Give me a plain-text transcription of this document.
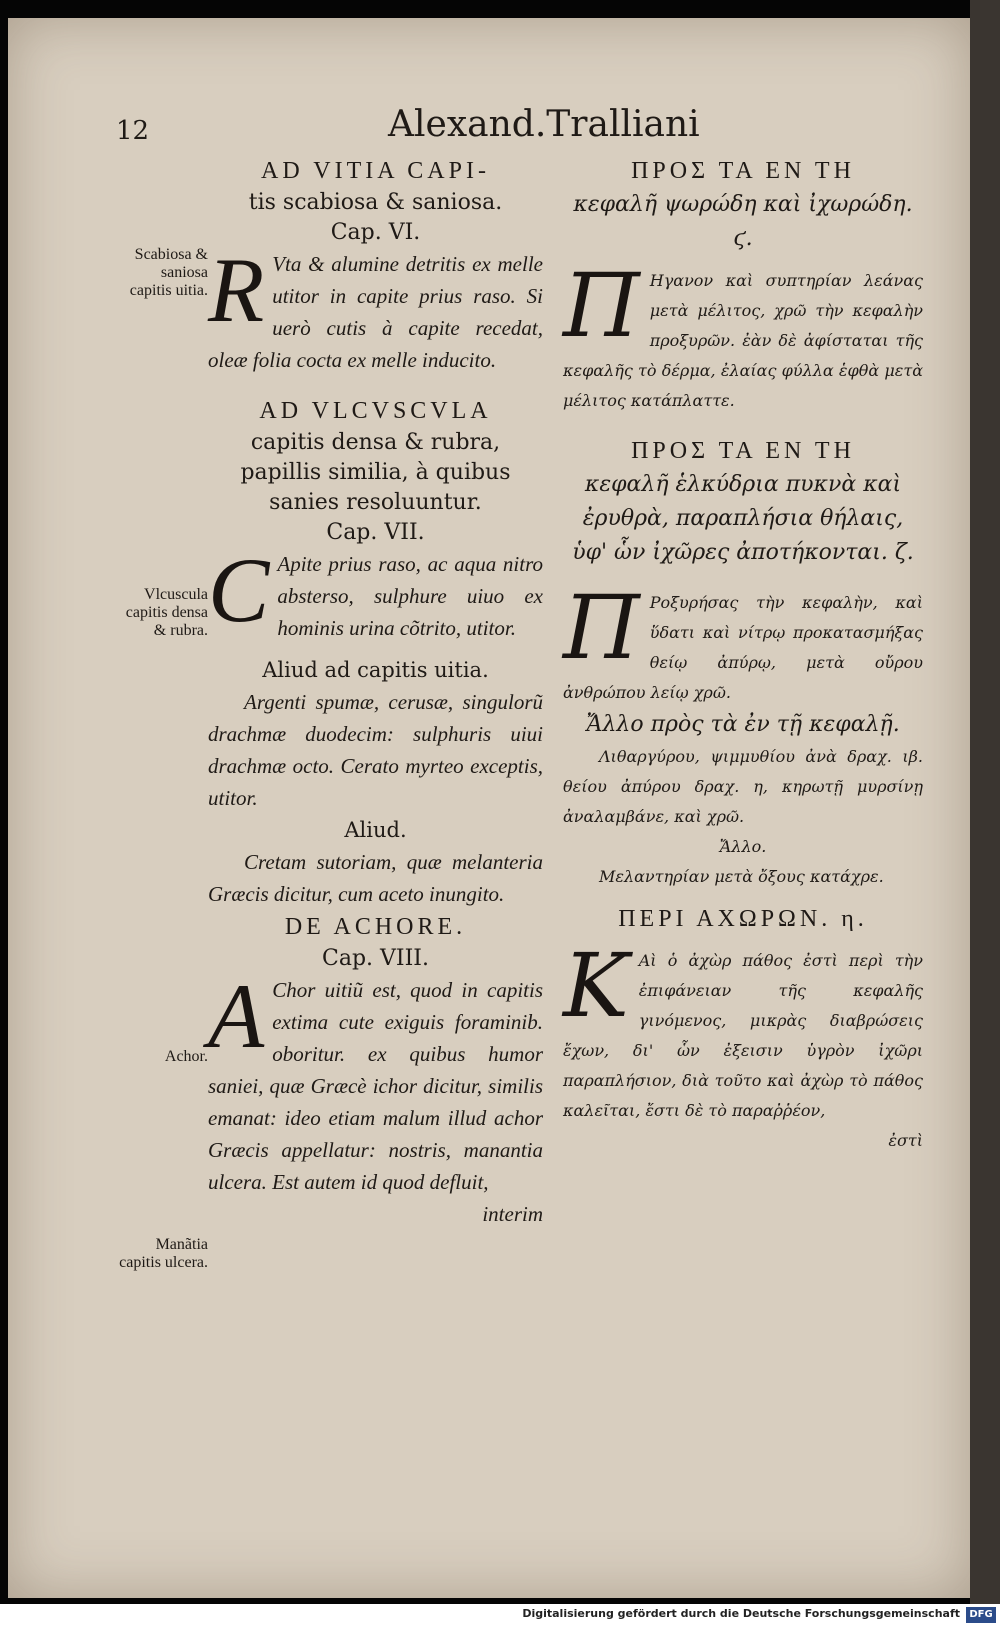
12	Alexand.Tralliani
Scabiosa & saniosa capitis uitia.
Vlcuscula capitis densa & rubra.
Achor.
Manãtia capitis ulcera.
AD VITIA CAPI-
tis scabiosa & saniosa.
Cap. VI.
R Vta & alumine detritis ex melle utitor in capite prius raso. Si uerò cutis à capite recedat, oleæ folia cocta ex melle inducito.
AD VLCVSCVLA
capitis densa & rubra, papillis similia, à quibus sanies resoluuntur.
Cap. VII.
C Apite prius raso, ac aqua nitro absterso, sulphure uiuo ex hominis urina cõtrito, utitor.
Aliud ad capitis uitia.
Argenti spumæ, cerusæ, singulorũ drachmæ duodecim: sulphuris uiui drachmæ octo. Cerato myrteo exceptis, utitor.
Aliud.
Cretam sutoriam, quæ melanteria Græcis dicitur, cum aceto inungito.
DE ACHORE.
Cap. VIII.
A Chor uitiũ est, quod in capitis extima cute exiguis foraminib. oboritur. ex quibus humor saniei, quæ Græcè ichor dicitur, similis emanat: ideo etiam malum illud achor Græcis appellatur: nostris, manantia ulcera. Est autem id quod defluit,
interim
ΠΡΟΣ ΤΑ ΕΝ ΤΗ
κεφαλῆ ψωρώδη καὶ ἰχωρώδη. ϛ.
Π Ηγανον καὶ συπτηρίαν λεάνας μετὰ μέλιτος, χρῶ τὴν κεφαλὴν προξυρῶν. ἐὰν δὲ ἀφίσταται τῆς κεφαλῆς τὸ δέρμα, ἐλαίας φύλλα ἑφθὰ μετὰ μέλιτος κατάπλαττε.
ΠΡΟΣ ΤΑ ΕΝ ΤΗ
κεφαλῆ ἑλκύδρια πυκνὰ καὶ ἐρυθρὰ, παραπλήσια θήλαις, ὑφ' ὧν ἰχῶρες ἀποτήκονται. ζ.
Π Ροξυρήσας τὴν κεφαλὴν, καὶ ὕδατι καὶ νίτρῳ προκατασμήξας θείῳ ἀπύρῳ, μετὰ οὔρου ἀνθρώπου λείῳ χρῶ.
Ἄλλο πρὸς τὰ ἐν τῇ κεφαλῇ.
Λιθαργύρου, ψιμμυθίου ἀνὰ δραχ. ιβ. θείου ἀπύρου δραχ. η, κηρωτῇ μυρσίνῃ ἀναλαμβάνε, καὶ χρῶ.
Ἄλλο.
Μελαντηρίαν μετὰ ὄξους κατάχρε.
ΠΕΡΙ ΑΧΩΡΩΝ. η.
Κ Αὶ ὁ ἀχὼρ πάθος ἐστὶ περὶ τὴν ἐπιφάνειαν τῆς κεφαλῆς γινόμενος, μικρὰς διαβρώσεις ἔχων, δι' ὧν ἐξεισιν ὑγρὸν ἰχῶρι παραπλήσιον, διὰ τοῦτο καὶ ἀχὼρ τὸ πάθος καλεῖται, ἔστι δὲ τὸ παραῤῥέον,
ἐστὶ
Digitalisierung gefördert durch die Deutsche Forschungsgemeinschaft DFG
